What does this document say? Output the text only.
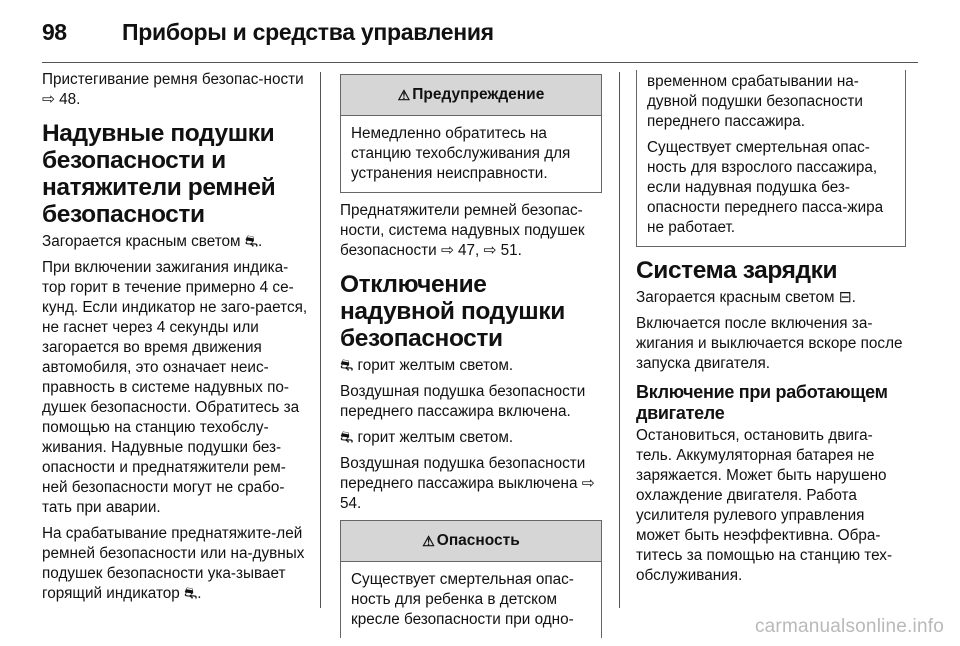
98	Приборы и средства управления

Пристегивание ремня безопас-ности ⇨ 48.

Надувные подушки безопасности и натяжители ремней безопасности

Загорается красным светом ⛐.

При включении зажигания индика-тор горит в течение примерно 4 се-кунд. Если индикатор не заго-рается, не гаснет через 4 секунды или загорается во время движения автомобиля, это означает неис-правность в системе надувных по-душек безопасности. Обратитесь за помощью на станцию техобслу-живания. Надувные подушки без-опасности и преднатяжители рем-ней безопасности могут не срабо-тать при аварии.

На срабатывание преднатяжите-лей ремней безопасности или на-дувных подушек безопасности ука-зывает горящий индикатор ⛐.

⚠ Предупреждение

Немедленно обратитесь на станцию техобслуживания для устранения неисправности.

Преднатяжители ремней безопас-ности, система надувных подушек безопасности ⇨ 47, ⇨ 51.

Отключение надувной подушки безопасности

⛐ горит желтым светом.

Воздушная подушка безопасности переднего пассажира включена.

⛐ горит желтым светом.

Воздушная подушка безопасности переднего пассажира выключена ⇨ 54.

⚠ Опасность

Существует смертельная опас-ность для ребенка в детском кресле безопасности при одно-

временном срабатывании на-дувной подушки безопасности переднего пассажира.

Существует смертельная опас-ность для взрослого пассажира, если надувная подушка без-опасности переднего пасса-жира не работает.

Система зарядки

Загорается красным светом ⊟.

Включается после включения за-жигания и выключается вскоре после запуска двигателя.

Включение при работающем двигателе

Остановиться, остановить двига-тель. Аккумуляторная батарея не заряжается. Может быть нарушено охлаждение двигателя. Работа усилителя рулевого управления может быть неэффективна. Обра-титесь за помощью на станцию тех-обслуживания.

carmanualsonline.info
